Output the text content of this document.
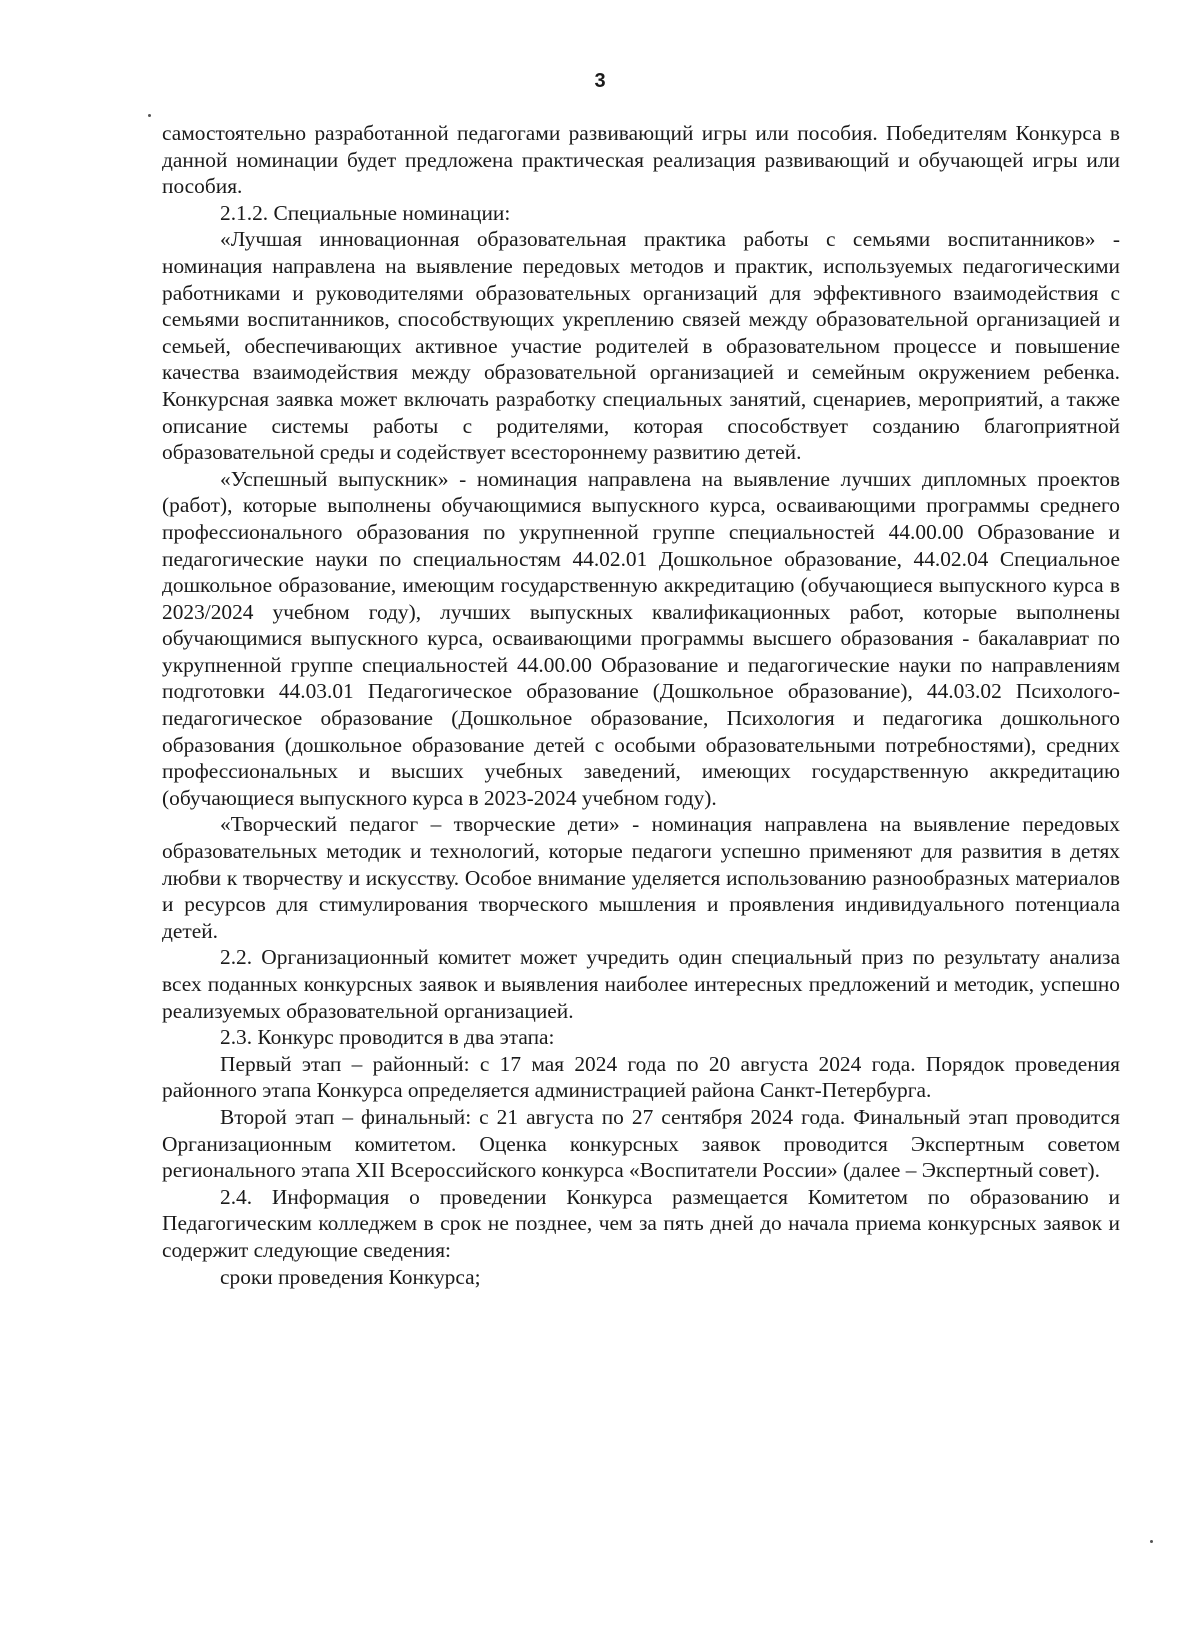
3

самостоятельно разработанной педагогами развивающий игры или пособия. Победителям Конкурса в данной номинации будет предложена практическая реализация развивающий и обучающей игры или пособия.

2.1.2. Специальные номинации:

«Лучшая инновационная образовательная практика работы с семьями воспитанников» - номинация направлена на выявление передовых методов и практик, используемых педагогическими работниками и руководителями образовательных организаций для эффективного взаимодействия с семьями воспитанников, способствующих укреплению связей между образовательной организацией и семьей, обеспечивающих активное участие родителей в образовательном процессе и повышение качества взаимодействия между образовательной организацией и семейным окружением ребенка. Конкурсная заявка может включать разработку специальных занятий, сценариев, мероприятий, а также описание системы работы с родителями, которая способствует созданию благоприятной образовательной среды и содействует всестороннему развитию детей.

«Успешный выпускник» - номинация направлена на выявление лучших дипломных проектов (работ), которые выполнены обучающимися выпускного курса, осваивающими программы среднего профессионального образования по укрупненной группе специальностей 44.00.00 Образование и педагогические науки по специальностям 44.02.01 Дошкольное образование, 44.02.04 Специальное дошкольное образование, имеющим государственную аккредитацию (обучающиеся выпускного курса в 2023/2024 учебном году), лучших выпускных квалификационных работ, которые выполнены обучающимися выпускного курса, осваивающими программы высшего образования - бакалавриат по укрупненной группе специальностей 44.00.00 Образование и педагогические науки по направлениям подготовки 44.03.01 Педагогическое образование (Дошкольное образование), 44.03.02 Психолого-педагогическое образование (Дошкольное образование, Психология и педагогика дошкольного образования (дошкольное образование детей с особыми образовательными потребностями), средних профессиональных и высших учебных заведений, имеющих государственную аккредитацию (обучающиеся выпускного курса в 2023-2024 учебном году).

«Творческий педагог – творческие дети» - номинация направлена на выявление передовых образовательных методик и технологий, которые педагоги успешно применяют для развития в детях любви к творчеству и искусству. Особое внимание уделяется использованию разнообразных материалов и ресурсов для стимулирования творческого мышления и проявления индивидуального потенциала детей.

2.2. Организационный комитет может учредить один специальный приз по результату анализа всех поданных конкурсных заявок и выявления наиболее интересных предложений и методик, успешно реализуемых образовательной организацией.

2.3. Конкурс проводится в два этапа:

Первый этап – районный: с 17 мая 2024 года по 20 августа 2024 года. Порядок проведения районного этапа Конкурса определяется администрацией района Санкт-Петербурга.

Второй этап – финальный: с 21 августа по 27 сентября 2024 года. Финальный этап проводится Организационным комитетом. Оценка конкурсных заявок проводится Экспертным советом регионального этапа XII Всероссийского конкурса «Воспитатели России» (далее – Экспертный совет).

2.4. Информация о проведении Конкурса размещается Комитетом по образованию и Педагогическим колледжем в срок не позднее, чем за пять дней до начала приема конкурсных заявок и содержит следующие сведения:

сроки проведения Конкурса;
